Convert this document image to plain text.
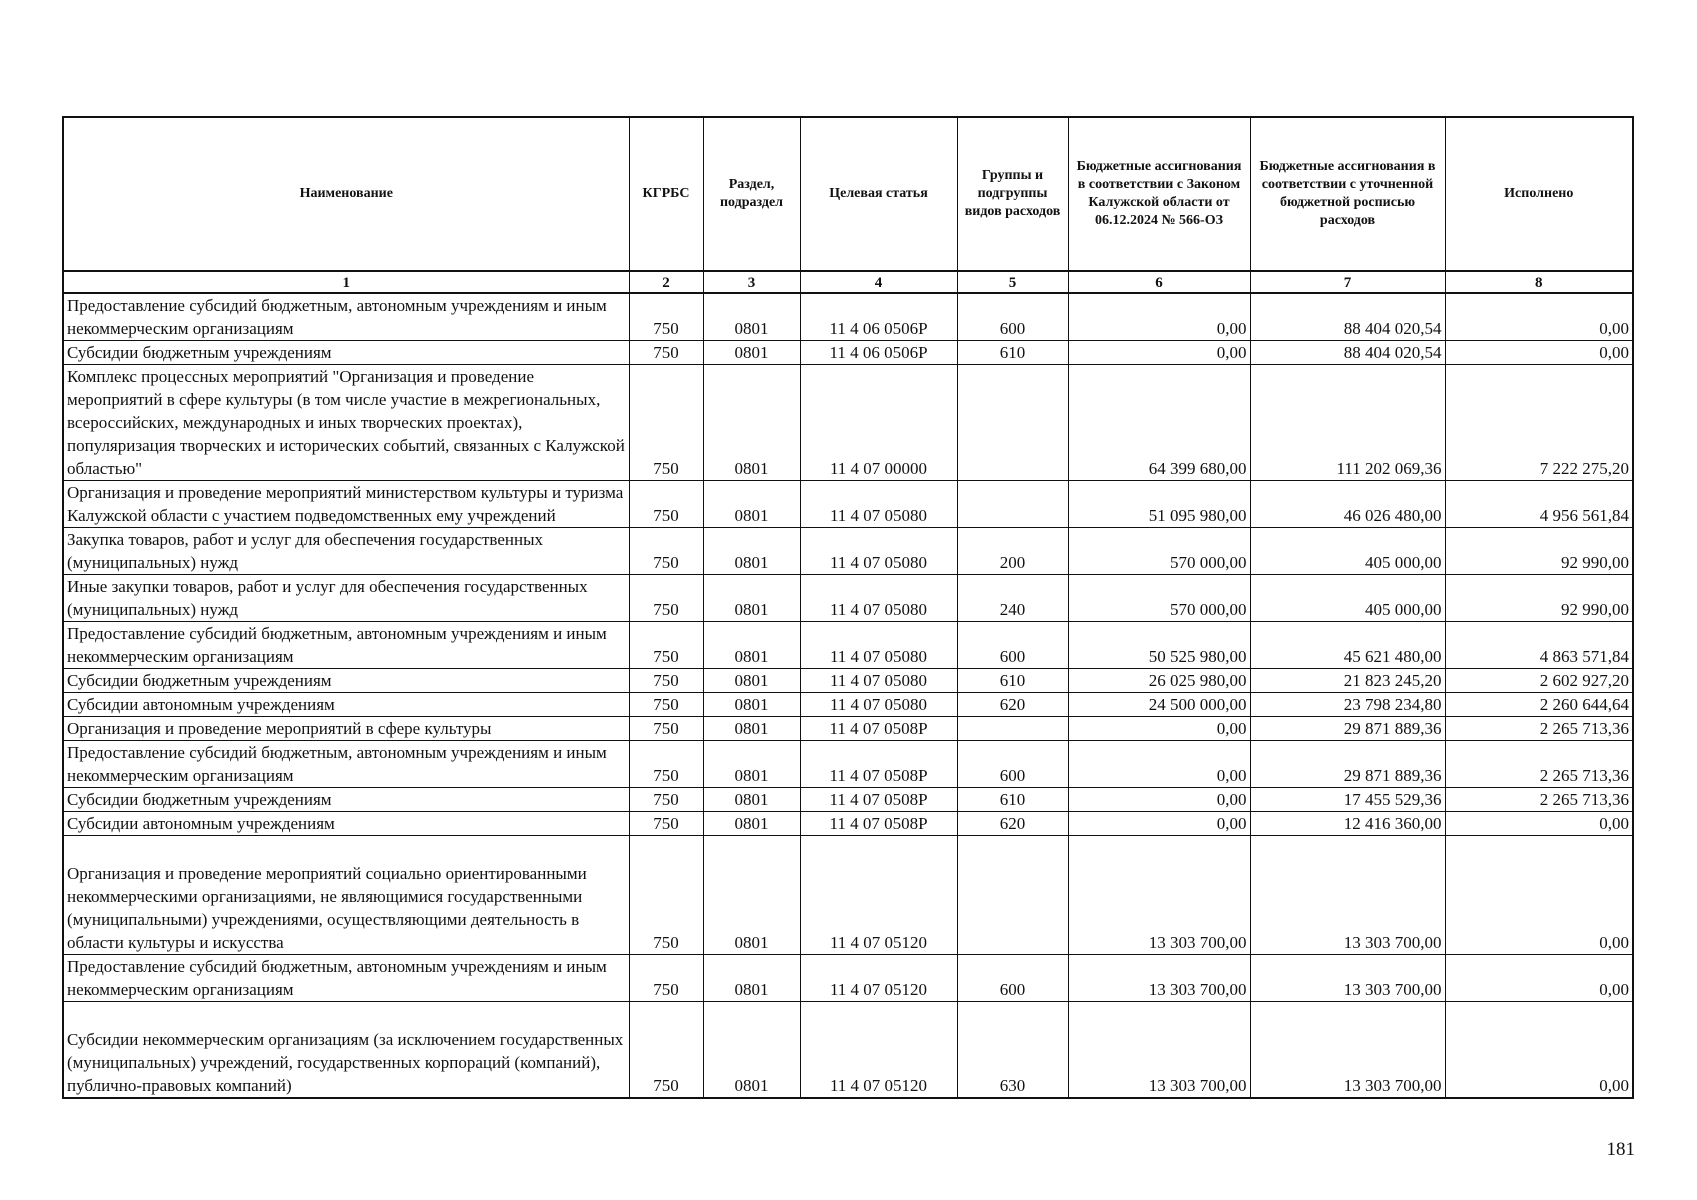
Наименование	КГРБС	Раздел, подраздел	Целевая статья	Группы и подгруппы видов расходов	Бюджетные ассигнования в соответствии с Законом Калужской области от 06.12.2024 № 566-ОЗ	Бюджетные ассигнования в соответствии с уточненной бюджетной росписью расходов	Исполнено
1	2	3	4	5	6	7	8
Предоставление субсидий бюджетным, автономным учреждениям и иным некоммерческим организациям	750	0801	11 4 06 0506Р	600	0,00	88 404 020,54	0,00
Субсидии бюджетным учреждениям	750	0801	11 4 06 0506Р	610	0,00	88 404 020,54	0,00
Комплекс процессных мероприятий "Организация и проведение мероприятий в сфере культуры (в том числе участие в межрегиональных, всероссийских, международных и иных творческих проектах), популяризация творческих и исторических событий, связанных с Калужской областью"	750	0801	11 4 07 00000		64 399 680,00	111 202 069,36	7 222 275,20
Организация и проведение мероприятий министерством культуры и туризма Калужской области с участием подведомственных ему учреждений	750	0801	11 4 07 05080		51 095 980,00	46 026 480,00	4 956 561,84
Закупка товаров, работ и услуг для обеспечения государственных (муниципальных) нужд	750	0801	11 4 07 05080	200	570 000,00	405 000,00	92 990,00
Иные закупки товаров, работ и услуг для обеспечения государственных (муниципальных) нужд	750	0801	11 4 07 05080	240	570 000,00	405 000,00	92 990,00
Предоставление субсидий бюджетным, автономным учреждениям и иным некоммерческим организациям	750	0801	11 4 07 05080	600	50 525 980,00	45 621 480,00	4 863 571,84
Субсидии бюджетным учреждениям	750	0801	11 4 07 05080	610	26 025 980,00	21 823 245,20	2 602 927,20
Субсидии автономным учреждениям	750	0801	11 4 07 05080	620	24 500 000,00	23 798 234,80	2 260 644,64
Организация и проведение мероприятий в сфере культуры	750	0801	11 4 07 0508Р		0,00	29 871 889,36	2 265 713,36
Предоставление субсидий бюджетным, автономным учреждениям и иным некоммерческим организациям	750	0801	11 4 07 0508Р	600	0,00	29 871 889,36	2 265 713,36
Субсидии бюджетным учреждениям	750	0801	11 4 07 0508Р	610	0,00	17 455 529,36	2 265 713,36
Субсидии автономным учреждениям	750	0801	11 4 07 0508Р	620	0,00	12 416 360,00	0,00
Организация и проведение мероприятий социально ориентированными некоммерческими организациями, не являющимися государственными (муниципальными) учреждениями, осуществляющими деятельность в области культуры и искусства	750	0801	11 4 07 05120		13 303 700,00	13 303 700,00	0,00
Предоставление субсидий бюджетным, автономным учреждениям и иным некоммерческим организациям	750	0801	11 4 07 05120	600	13 303 700,00	13 303 700,00	0,00
Субсидии некоммерческим организациям (за исключением государственных (муниципальных) учреждений, государственных корпораций (компаний), публично-правовых компаний)	750	0801	11 4 07 05120	630	13 303 700,00	13 303 700,00	0,00
181
